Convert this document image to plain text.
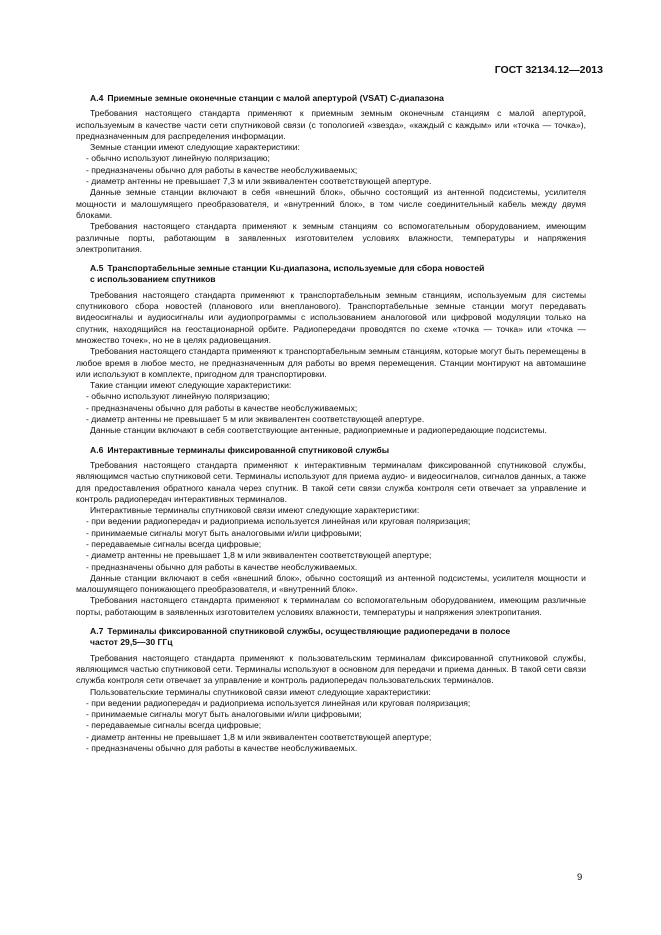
ГОСТ 32134.12—2013
А.4 Приемные земные оконечные станции с малой апертурой (VSAT) С-диапазона

Требования настоящего стандарта применяют к приемным земным оконечным станциям с малой апертурой, используемым в качестве части сети спутниковой связи (с топологией «звезда», «каждый с каждым» или «точка — точка»), предназначенным для распределения информации.

Земные станции имеют следующие характеристики:

- обычно используют линейную поляризацию;

- предназначены обычно для работы в качестве необслуживаемых;

- диаметр антенны не превышает 7,3 м или эквивалентен соответствующей апертуре.

Данные земные станции включают в себя «внешний блок», обычно состоящий из антенной подсистемы, усилителя мощности и малошумящего преобразователя, и «внутренний блок», в том числе соединительный кабель между двумя блоками.

Требования настоящего стандарта применяют к земным станциям со вспомогательным оборудованием, имеющим различные порты, работающим в заявленных изготовителем условиях влажности, температуры и напряжения электропитания.

А.5 Транспортабельные земные станции Ku-диапазона, используемые для сбора новостей
с использованием спутников

Требования настоящего стандарта применяют к транспортабельным земным станциям, используемым для системы спутникового сбора новостей (планового или внепланового). Транспортабельные земные станции могут передавать видеосигналы и аудиосигналы или аудиопрограммы с использованием аналоговой или цифровой модуляции только на спутник, находящийся на геостационарной орбите. Радиопередачи проводятся по схеме «точка — точка» или «точка — множество точек», но не в целях радиовещания.

Требования настоящего стандарта применяют к транспортабельным земным станциям, которые могут быть перемещены в любое время в любое место, не предназначенным для работы во время перемещения. Станции монтируют на автомашине или используют в комплекте, пригодном для транспортировки.

Такие станции имеют следующие характеристики:

- обычно используют линейную поляризацию;

- предназначены обычно для работы в качестве необслуживаемых;

- диаметр антенны не превышает 5 м или эквивалентен соответствующей апертуре.

Данные станции включают в себя соответствующие антенные, радиоприемные и радиопередающие подсистемы.

А.6 Интерактивные терминалы фиксированной спутниковой службы

Требования настоящего стандарта применяют к интерактивным терминалам фиксированной спутниковой службы, являющимся частью спутниковой сети. Терминалы используют для приема аудио- и видеосигналов, сигналов данных, а также для предоставления обратного канала через спутник. В такой сети связи служба контроля сети отвечает за управление и контроль радиопередач интерактивных терминалов.

Интерактивные терминалы спутниковой связи имеют следующие характеристики:

- при ведении радиопередач и радиоприема используется линейная или круговая поляризация;

- принимаемые сигналы могут быть аналоговыми и/или цифровыми;

- передаваемые сигналы всегда цифровые;

- диаметр антенны не превышает 1,8 м или эквивалентен соответствующей апертуре;

- предназначены обычно для работы в качестве необслуживаемых.

Данные станции включают в себя «внешний блок», обычно состоящий из антенной подсистемы, усилителя мощности и малошумящего понижающего преобразователя, и «внутренний блок».

Требования настоящего стандарта применяют к терминалам со вспомогательным оборудованием, имеющим различные порты, работающим в заявленных изготовителем условиях влажности, температуры и напряжения электропитания.

А.7 Терминалы фиксированной спутниковой службы, осуществляющие радиопередачи в полосе
частот 29,5—30 ГГц

Требования настоящего стандарта применяют к пользовательским терминалам фиксированной спутниковой службы, являющимся частью спутниковой сети. Терминалы используют в основном для передачи и приема данных. В такой сети связи служба контроля сети отвечает за управление и контроль радиопередач пользовательских терминалов.

Пользовательские терминалы спутниковой связи имеют следующие характеристики:

- при ведении радиопередач и радиоприема используется линейная или круговая поляризация;

- принимаемые сигналы могут быть аналоговыми и/или цифровыми;

- передаваемые сигналы всегда цифровые;

- диаметр антенны не превышает 1,8 м или эквивалентен соответствующей апертуре;

- предназначены обычно для работы в качестве необслуживаемых.

9
